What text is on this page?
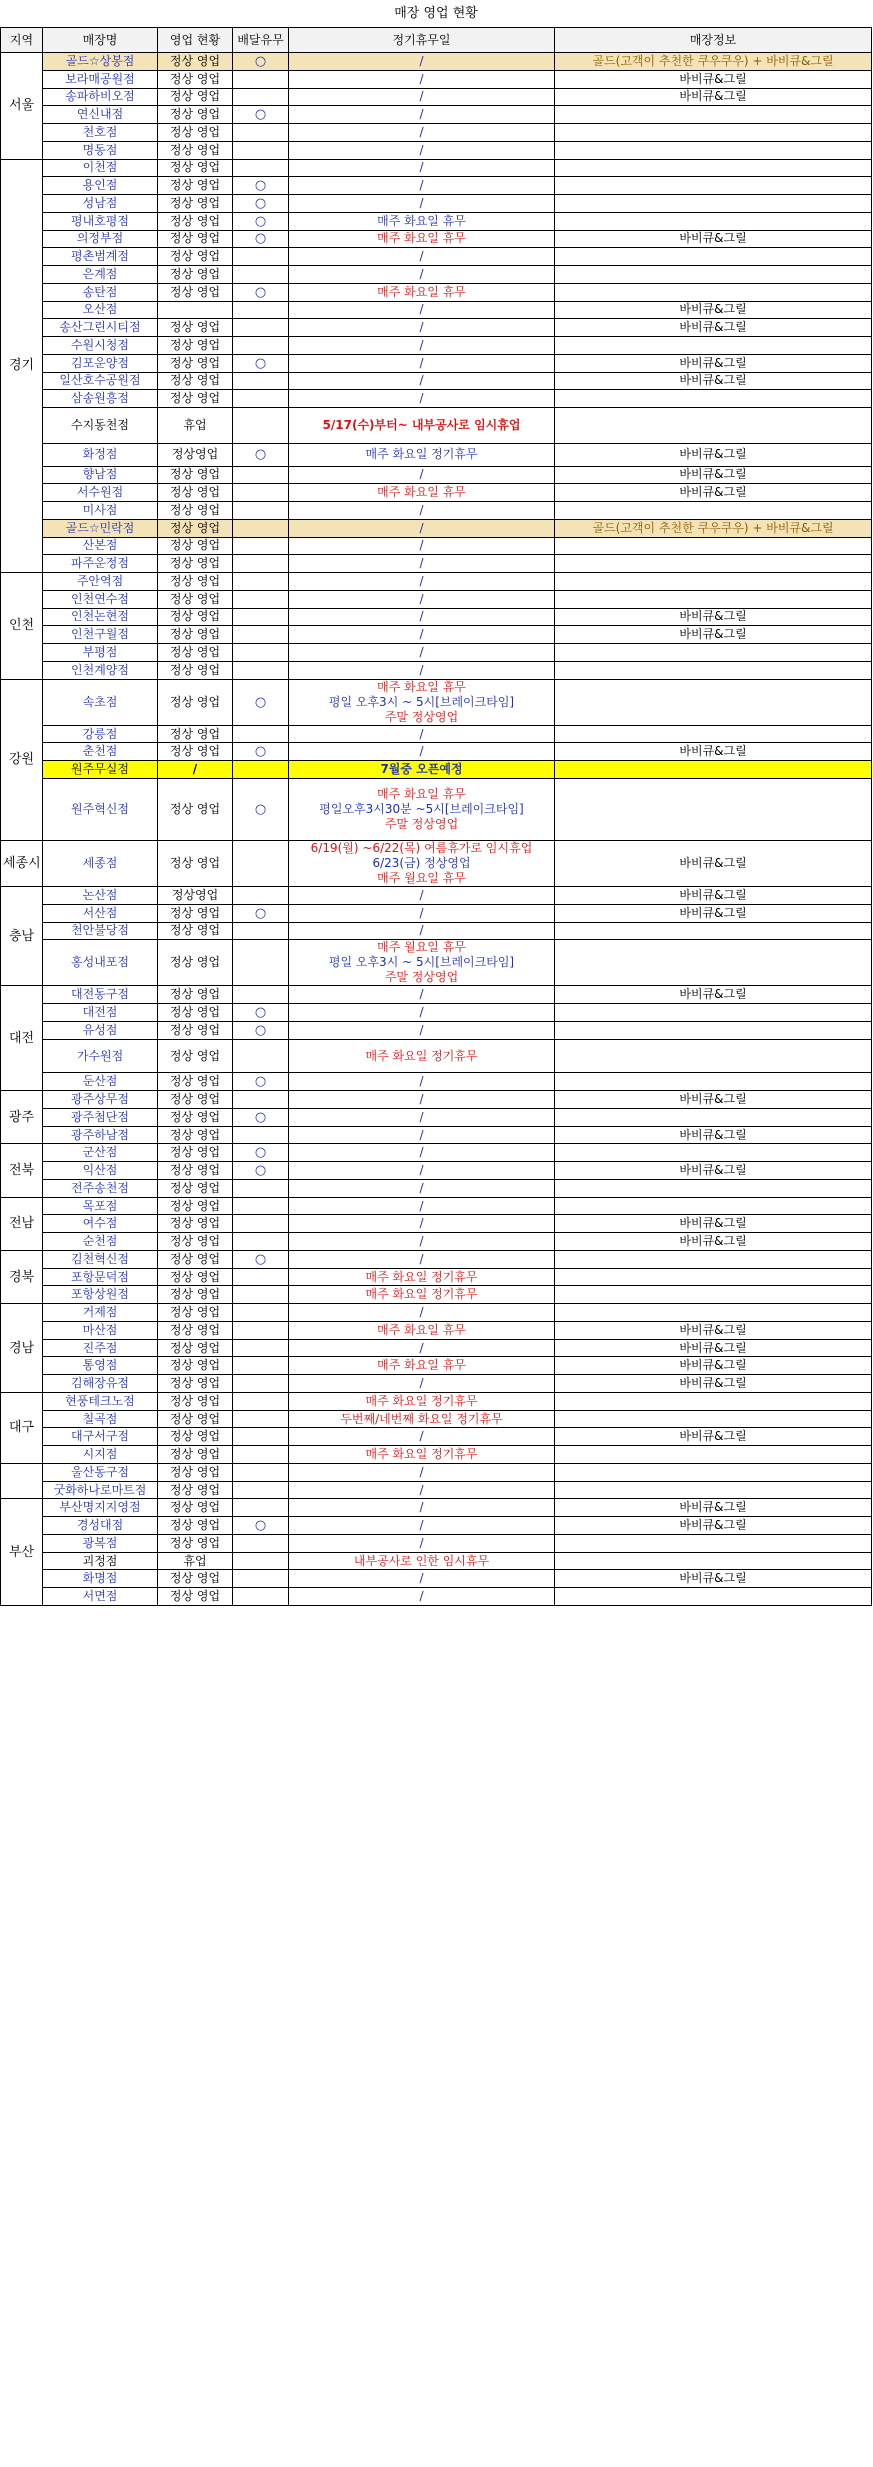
매장 영업 현황					
지역	매장명	영업 현황	배달유무	정기휴무일	매장정보
서울	골드☆상봉점	정상 영업	○	/	골드(고객이 추천한 쿠우쿠우) + 바비큐&그릴
	보라매공원점	정상 영업		/	바비큐&그릴
	송파하비오점	정상 영업		/	바비큐&그릴
	연신내점	정상 영업	○	/	
	천호점	정상 영업		/	
	명동점	정상 영업		/	
경기	이천점	정상 영업		/	
	용인점	정상 영업	○	/	
	성남점	정상 영업	○	/	
	평내호평점	정상 영업	○	매주 화요일 휴무	
	의정부점	정상 영업	○	매주 화요일 휴무	바비큐&그릴
	평촌범계점	정상 영업		/	
	은계점	정상 영업		/	
	송탄점	정상 영업	○	매주 화요일 휴무	
	오산점			/	바비큐&그릴
	송산그린시티점	정상 영업		/	바비큐&그릴
	수원시청점	정상 영업		/	
	김포운양점	정상 영업	○	/	바비큐&그릴
	일산호수공원점	정상 영업		/	바비큐&그릴
	삼송원흥점	정상 영업		/	
	수지동천점	휴업		5/17(수)부터~ 내부공사로 임시휴업	
	화정점	정상영업	○	매주 화요일 정기휴무	바비큐&그릴
	향남점	정상 영업		/	바비큐&그릴
	서수원점	정상 영업		매주 화요일 휴무	바비큐&그릴
	미사점	정상 영업		/	
	골드☆민락점	정상 영업		/	골드(고객이 추천한 쿠우쿠우) + 바비큐&그릴
	산본점	정상 영업		/	
	파주운정점	정상 영업		/	
인천	주안역점	정상 영업		/	
	인천연수점	정상 영업		/	
	인천논현점	정상 영업		/	바비큐&그릴
	인천구월점	정상 영업		/	바비큐&그릴
	부평점	정상 영업		/	
	인천계양점	정상 영업		/	
강원	속초점	정상 영업	○	매주 화요일 휴무
평일 오후3시 ~ 5시[브레이크타임]
주말 정상영업	

	강릉점	정상 영업		/	
	춘천점	정상 영업	○	/	바비큐&그릴
	원주무실점	/		7월중 오픈예정	
	원주혁신점	정상 영업	○	매주 화요일 휴무
평일오후3시30분 ~5시[브레이크타임]
주말 정상영업	

세종시	세종점	정상 영업		6/19(월) ~6/22(목) 여름휴가로 임시휴업
6/23(금) 정상영업
매주 월요일 휴무	바비큐&그릴
충남	논산점	정상영업		/	바비큐&그릴
	서산점	정상 영업	○	/	바비큐&그릴
	천안불당점	정상 영업		/	
	홍성내포점	정상 영업		매주 월요일 휴무
평일 오후3시 ~ 5시[브레이크타임]
주말 정상영업	

대전	대전동구점	정상 영업		/	바비큐&그릴
	대전점	정상 영업	○	/	
	유성점	정상 영업	○	/	
	가수원점	정상 영업		매주 화요일 정기휴무	
	둔산점	정상 영업	○	/	
광주	광주상무점	정상 영업		/	바비큐&그릴
	광주첨단점	정상 영업	○	/	
	광주하남점	정상 영업		/	바비큐&그릴
전북	군산점	정상 영업	○	/	
	익산점	정상 영업	○	/	바비큐&그릴
	전주송천점	정상 영업		/	
전남	목포점	정상 영업		/	
	여수점	정상 영업		/	바비큐&그릴
	순천점	정상 영업		/	바비큐&그릴
경북	김천혁신점	정상 영업	○	/	
	포항문덕점	정상 영업		매주 화요일 정기휴무	
	포항상원점	정상 영업		매주 화요일 정기휴무	
경남	거제점	정상 영업		/	
	마산점	정상 영업		매주 화요일 휴무	바비큐&그릴
	진주점	정상 영업		/	바비큐&그릴
	통영점	정상 영업		매주 화요일 휴무	바비큐&그릴
	김해장유점	정상 영업		/	바비큐&그릴
대구	현풍테크노점	정상 영업		매주 화요일 정기휴무	
	칠곡점	정상 영업		두번째/네번째 화요일 정기휴무	
	대구서구점	정상 영업		/	바비큐&그릴
	시지점	정상 영업		매주 화요일 정기휴무	
	울산동구점	정상 영업		/	
	굿화하나로마트점	정상 영업		/	
부산	부산명지지영점	정상 영업		/	바비큐&그릴
	경성대점	정상 영업	○	/	바비큐&그릴
	광복점	정상 영업		/	
	괴정점	휴업		내부공사로 인한 임시휴무	
	화명점	정상 영업		/	바비큐&그릴
	서면점	정상 영업		/	
